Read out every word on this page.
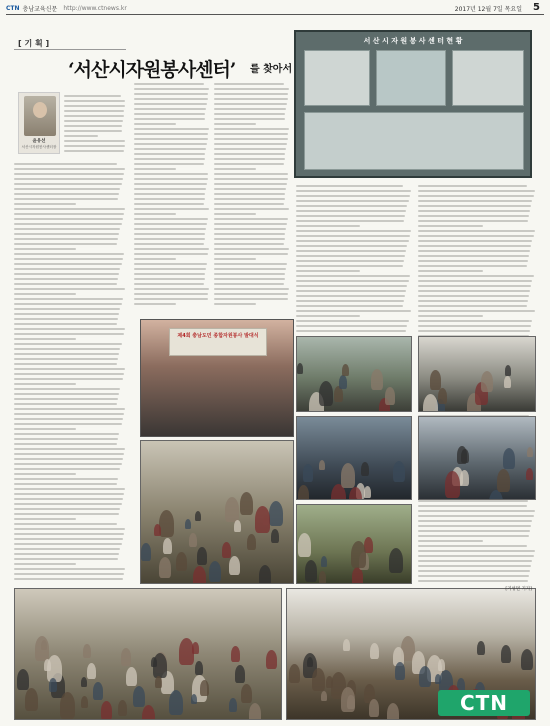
CTN 충남교육신문 http://www.ctnews.kr	2017년 12월 7일 목요일 5
[ 기 획 ]
‘서산시자원봉사센터’ 를 찾아서
윤유선
서산시자원봉사센터장
서 산 시 자 원 봉 사 센 터 현 황
제4회 충남도민 종합자원봉사 발대식
[기성면 기자]
CTN
